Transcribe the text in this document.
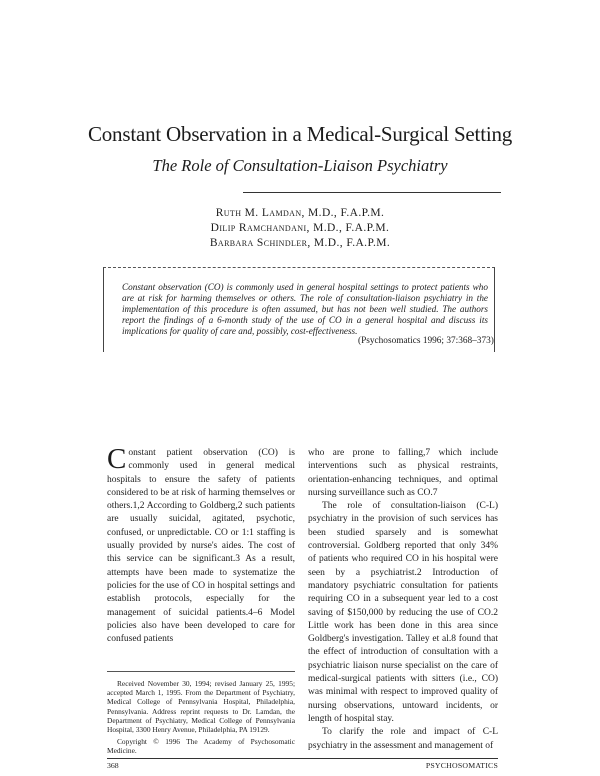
Constant Observation in a Medical-Surgical Setting
The Role of Consultation-Liaison Psychiatry
Ruth M. Lamdan, M.D., F.A.P.M.
Dilip Ramchandani, M.D., F.A.P.M.
Barbara Schindler, M.D., F.A.P.M.
Constant observation (CO) is commonly used in general hospital settings to protect patients who are at risk for harming themselves or others. The role of consultation-liaison psychiatry in the implementation of this procedure is often assumed, but has not been well studied. The authors report the findings of a 6-month study of the use of CO in a general hospital and discuss its implications for quality of care and, possibly, cost-effectiveness.
(Psychosomatics 1996; 37:368–373)

C onstant patient observation (CO) is commonly used in general medical hospitals to ensure the safety of patients considered to be at risk of harming themselves or others.1,2 According to Goldberg,2 such patients are usually suicidal, agitated, psychotic, confused, or unpredictable. CO or 1:1 staffing is usually provided by nurse's aides. The cost of this service can be significant.3 As a result, attempts have been made to systematize the policies for the use of CO in hospital settings and establish protocols, especially for the management of suicidal patients.4–6 Model policies also have been developed to care for confused patients

who are prone to falling,7 which include interventions such as physical restraints, orientation-enhancing techniques, and optimal nursing surveillance such as CO.7

The role of consultation-liaison (C-L) psychiatry in the provision of such services has been studied sparsely and is somewhat controversial. Goldberg reported that only 34% of patients who required CO in his hospital were seen by a psychiatrist.2 Introduction of mandatory psychiatric consultation for patients requiring CO in a subsequent year led to a cost saving of $150,000 by reducing the use of CO.2 Little work has been done in this area since Goldberg's investigation. Talley et al.8 found that the effect of introduction of consultation with a psychiatric liaison nurse specialist on the care of medical-surgical patients with sitters (i.e., CO) was minimal with respect to improved quality of nursing observations, untoward incidents, or length of hospital stay.

To clarify the role and impact of C-L psychiatry in the assessment and management of

Received November 30, 1994; revised January 25, 1995; accepted March 1, 1995. From the Department of Psychiatry, Medical College of Pennsylvania Hospital, Philadelphia, Pennsylvania. Address reprint requests to Dr. Lamdan, the Department of Psychiatry, Medical College of Pennsylvania Hospital, 3300 Henry Avenue, Philadelphia, PA 19129.

Copyright © 1996 The Academy of Psychosomatic Medicine.

368	PSYCHOSOMATICS
